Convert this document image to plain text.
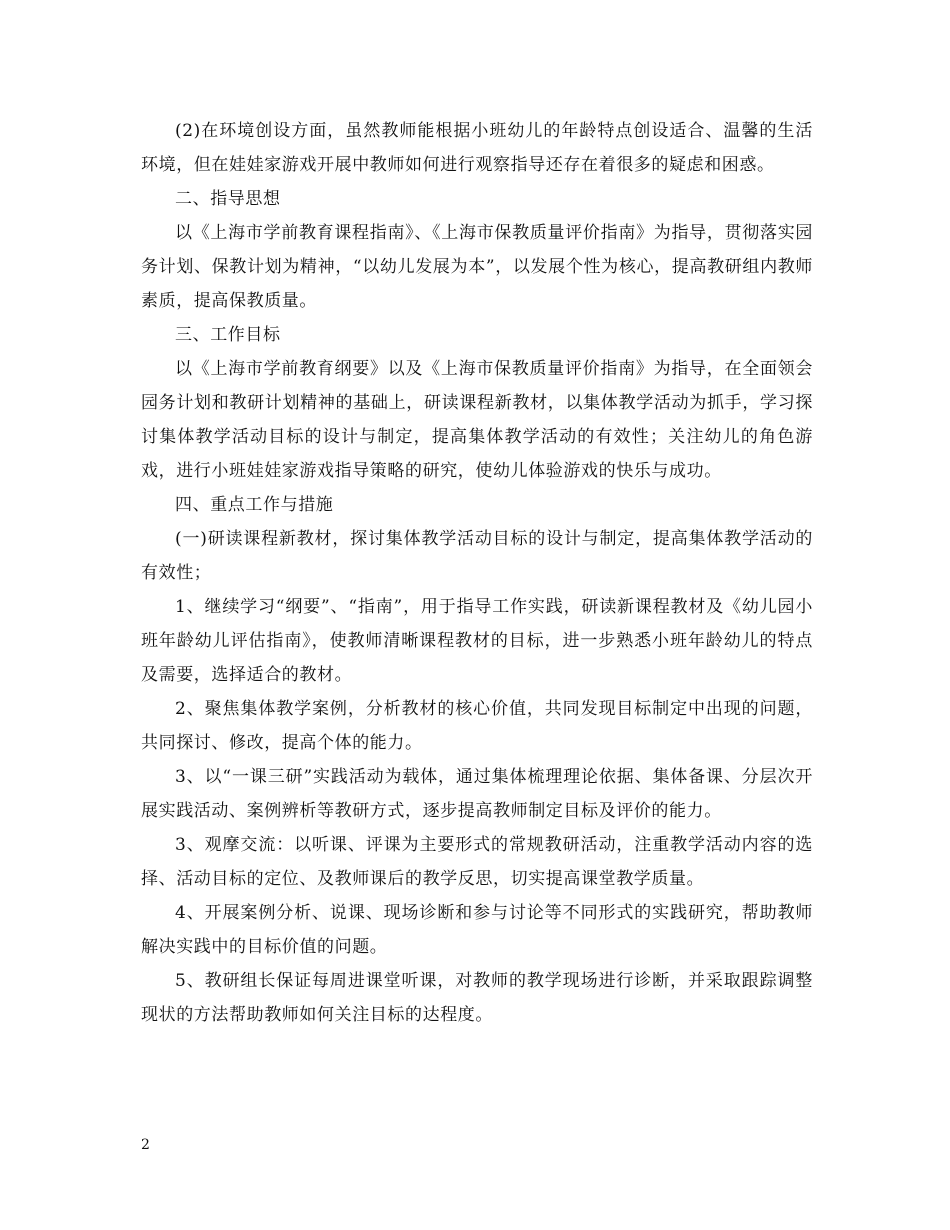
(2)在环境创设方面，虽然教师能根据小班幼儿的年龄特点创设适合、温馨的生活环境，但在娃娃家游戏开展中教师如何进行观察指导还存在着很多的疑虑和困惑。

二、指导思想

以《上海市学前教育课程指南》、《上海市保教质量评价指南》为指导，贯彻落实园务计划、保教计划为精神，“以幼儿发展为本”，以发展个性为核心，提高教研组内教师素质，提高保教质量。

三、工作目标

以《上海市学前教育纲要》以及《上海市保教质量评价指南》为指导，在全面领会园务计划和教研计划精神的基础上，研读课程新教材，以集体教学活动为抓手，学习探讨集体教学活动目标的设计与制定，提高集体教学活动的有效性；关注幼儿的角色游戏，进行小班娃娃家游戏指导策略的研究，使幼儿体验游戏的快乐与成功。

四、重点工作与措施

(一)研读课程新教材，探讨集体教学活动目标的设计与制定，提高集体教学活动的有效性；

1、继续学习“纲要”、“指南”，用于指导工作实践，研读新课程教材及《幼儿园小班年龄幼儿评估指南》，使教师清晰课程教材的目标，进一步熟悉小班年龄幼儿的特点及需要，选择适合的教材。

2、聚焦集体教学案例，分析教材的核心价值，共同发现目标制定中出现的问题，共同探讨、修改，提高个体的能力。

3、以“一课三研”实践活动为载体，通过集体梳理理论依据、集体备课、分层次开展实践活动、案例辨析等教研方式，逐步提高教师制定目标及评价的能力。

3、观摩交流：以听课、评课为主要形式的常规教研活动，注重教学活动内容的选择、活动目标的定位、及教师课后的教学反思，切实提高课堂教学质量。

4、开展案例分析、说课、现场诊断和参与讨论等不同形式的实践研究，帮助教师解决实践中的目标价值的问题。

5、教研组长保证每周进课堂听课，对教师的教学现场进行诊断，并采取跟踪调整现状的方法帮助教师如何关注目标的达程度。

2
